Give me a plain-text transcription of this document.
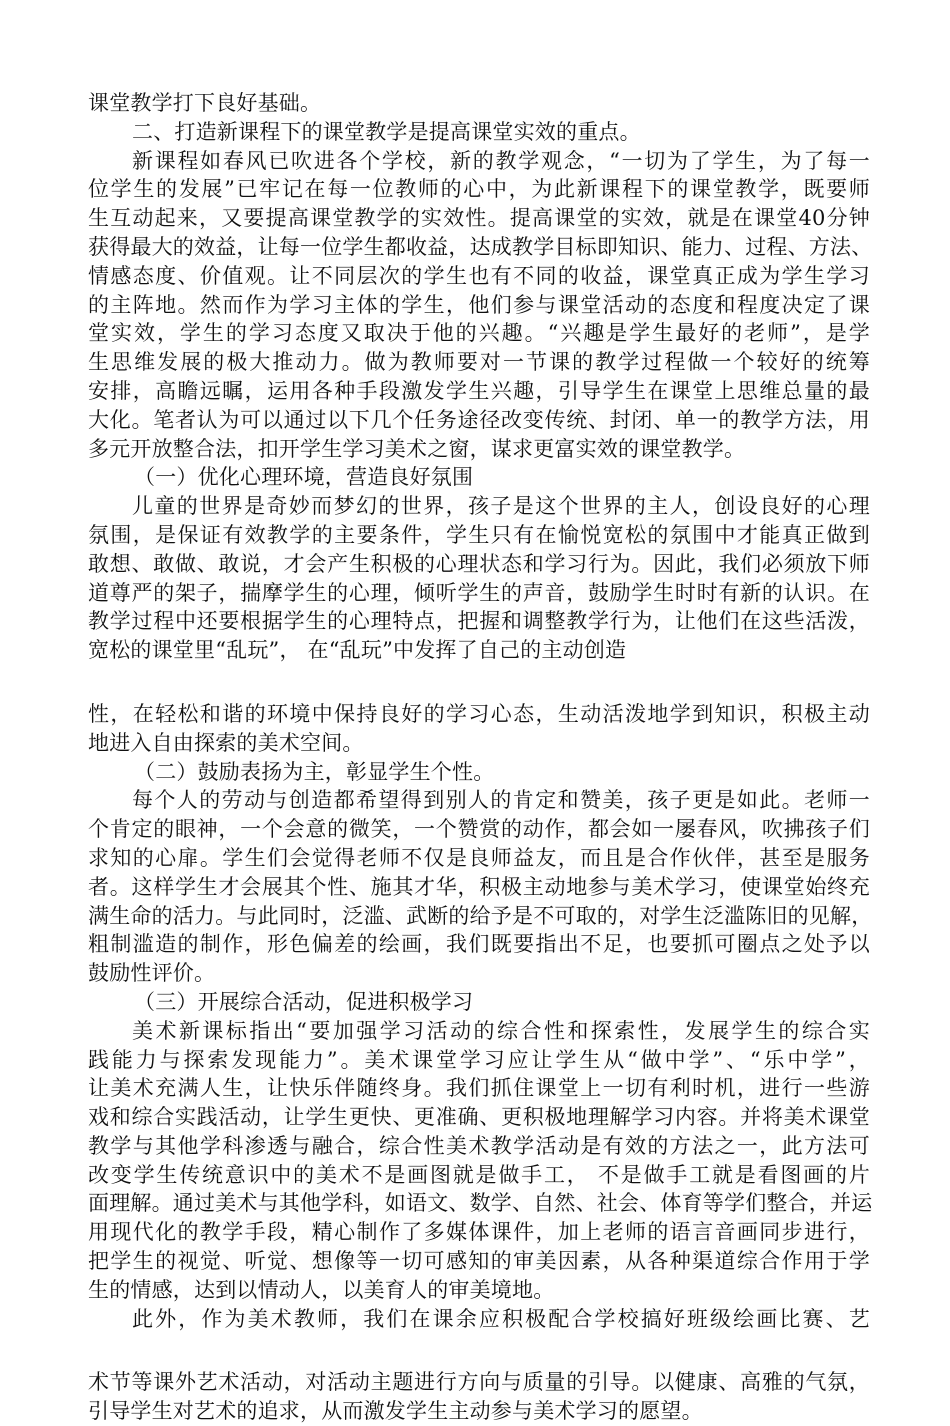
课堂教学打下良好基础。
二、打造新课程下的课堂教学是提高课堂实效的重点。
新课程如春风已吹进各个学校，新的教学观念，“一切为了学生，为了每一
位学生的发展”已牢记在每一位教师的心中，为此新课程下的课堂教学，既要师
生互动起来，又要提高课堂教学的实效性。提高课堂的实效，就是在课堂40分钟
获得最大的效益，让每一位学生都收益，达成教学目标即知识、能力、过程、方法、
情感态度、价值观。让不同层次的学生也有不同的收益，课堂真正成为学生学习
的主阵地。然而作为学习主体的学生，他们参与课堂活动的态度和程度决定了课
堂实效，学生的学习态度又取决于他的兴趣。“兴趣是学生最好的老师”，是学
生思维发展的极大推动力。做为教师要对一节课的教学过程做一个较好的统筹
安排，高瞻远瞩，运用各种手段激发学生兴趣，引导学生在课堂上思维总量的最
大化。笔者认为可以通过以下几个任务途径改变传统、封闭、单一的教学方法，用
多元开放整合法，扣开学生学习美术之窗，谋求更富实效的课堂教学。
（一）优化心理环境，营造良好氛围
儿童的世界是奇妙而梦幻的世界，孩子是这个世界的主人，创设良好的心理
氛围，是保证有效教学的主要条件，学生只有在愉悦宽松的氛围中才能真正做到
敢想、敢做、敢说，才会产生积极的心理状态和学习行为。因此，我们必须放下师
道尊严的架子，揣摩学生的心理，倾听学生的声音，鼓励学生时时有新的认识。在
教学过程中还要根据学生的心理特点，把握和调整教学行为，让他们在这些活泼，
宽松的课堂里“乱玩”， 在“乱玩”中发挥了自己的主动创造
性，在轻松和谐的环境中保持良好的学习心态，生动活泼地学到知识，积极主动
地进入自由探索的美术空间。
（二）鼓励表扬为主，彰显学生个性。
每个人的劳动与创造都希望得到别人的肯定和赞美，孩子更是如此。老师一
个肯定的眼神，一个会意的微笑，一个赞赏的动作，都会如一屡春风，吹拂孩子们
求知的心扉。学生们会觉得老师不仅是良师益友，而且是合作伙伴，甚至是服务
者。这样学生才会展其个性、施其才华，积极主动地参与美术学习，使课堂始终充
满生命的活力。与此同时，泛滥、武断的给予是不可取的，对学生泛滥陈旧的见解，
粗制滥造的制作，形色偏差的绘画，我们既要指出不足，也要抓可圈点之处予以
鼓励性评价。
（三）开展综合活动，促进积极学习
美术新课标指出“要加强学习活动的综合性和探索性，发展学生的综合实
践能力与探索发现能力”。美术课堂学习应让学生从“做中学”、“乐中学”，
让美术充满人生，让快乐伴随终身。我们抓住课堂上一切有利时机，进行一些游
戏和综合实践活动，让学生更快、更准确、更积极地理解学习内容。并将美术课堂
教学与其他学科渗透与融合，综合性美术教学活动是有效的方法之一，此方法可
改变学生传统意识中的美术不是画图就是做手工， 不是做手工就是看图画的片
面理解。通过美术与其他学科，如语文、数学、自然、社会、体育等学们整合，并运
用现代化的教学手段，精心制作了多媒体课件，加上老师的语言音画同步进行，
把学生的视觉、听觉、想像等一切可感知的审美因素，从各种渠道综合作用于学
生的情感，达到以情动人，以美育人的审美境地。
此外，作为美术教师，我们在课余应积极配合学校搞好班级绘画比赛、艺
术节等课外艺术活动，对活动主题进行方向与质量的引导。以健康、高雅的气氛，
引导学生对艺术的追求，从而激发学生主动参与美术学习的愿望。
